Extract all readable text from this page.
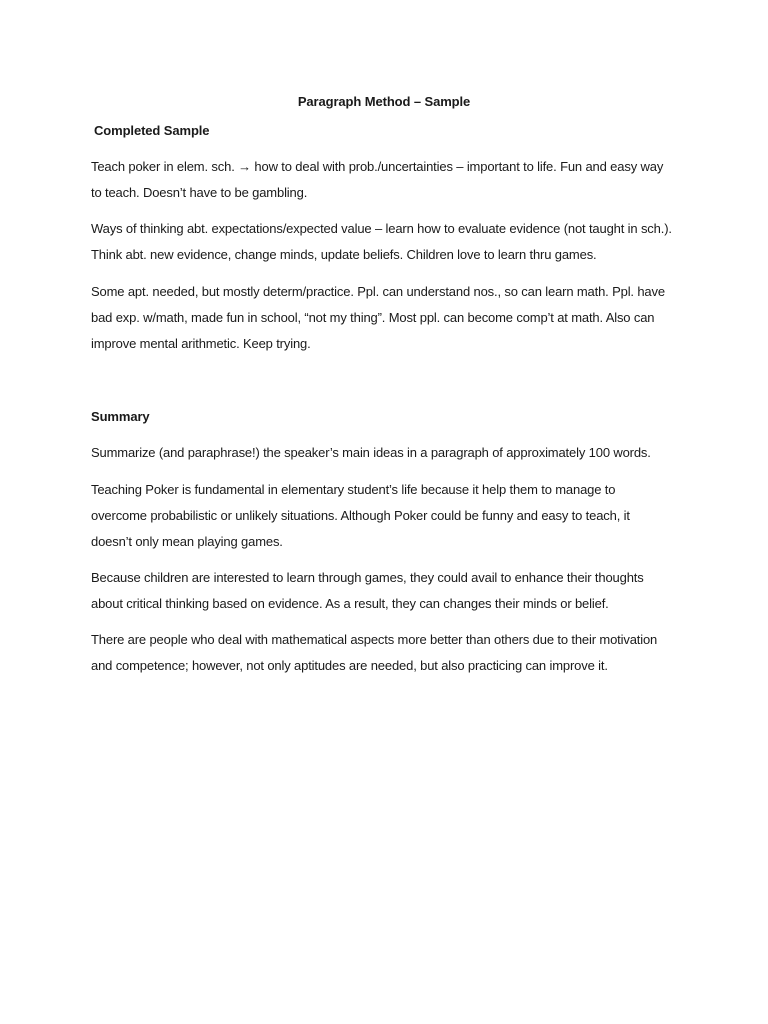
Paragraph Method – Sample
Completed Sample
Teach poker in elem. sch. → how to deal with prob./uncertainties – important to life. Fun and easy way
to teach. Doesn’t have to be gambling.
Ways of thinking abt. expectations/expected value – learn how to evaluate evidence (not taught in sch.).
Think abt. new evidence, change minds, update beliefs. Children love to learn thru games.
Some apt. needed, but mostly determ/practice. Ppl. can understand nos., so can learn math. Ppl. have
bad exp. w/math, made fun in school, “not my thing”. Most ppl. can become comp’t at math. Also can
improve mental arithmetic. Keep trying.
Summary
Summarize (and paraphrase!) the speaker’s main ideas in a paragraph of approximately 100 words.
Teaching Poker is fundamental in elementary student’s life because it help them to manage to
overcome probabilistic or unlikely situations. Although Poker could be funny and easy to teach, it
doesn’t only mean playing games.
Because children are interested to learn through games, they could avail to enhance their thoughts
about critical thinking based on evidence. As a result, they can changes their minds or belief.
There are people who deal with mathematical aspects more better than others due to their motivation
and competence; however, not only aptitudes are needed, but also practicing can improve it.
